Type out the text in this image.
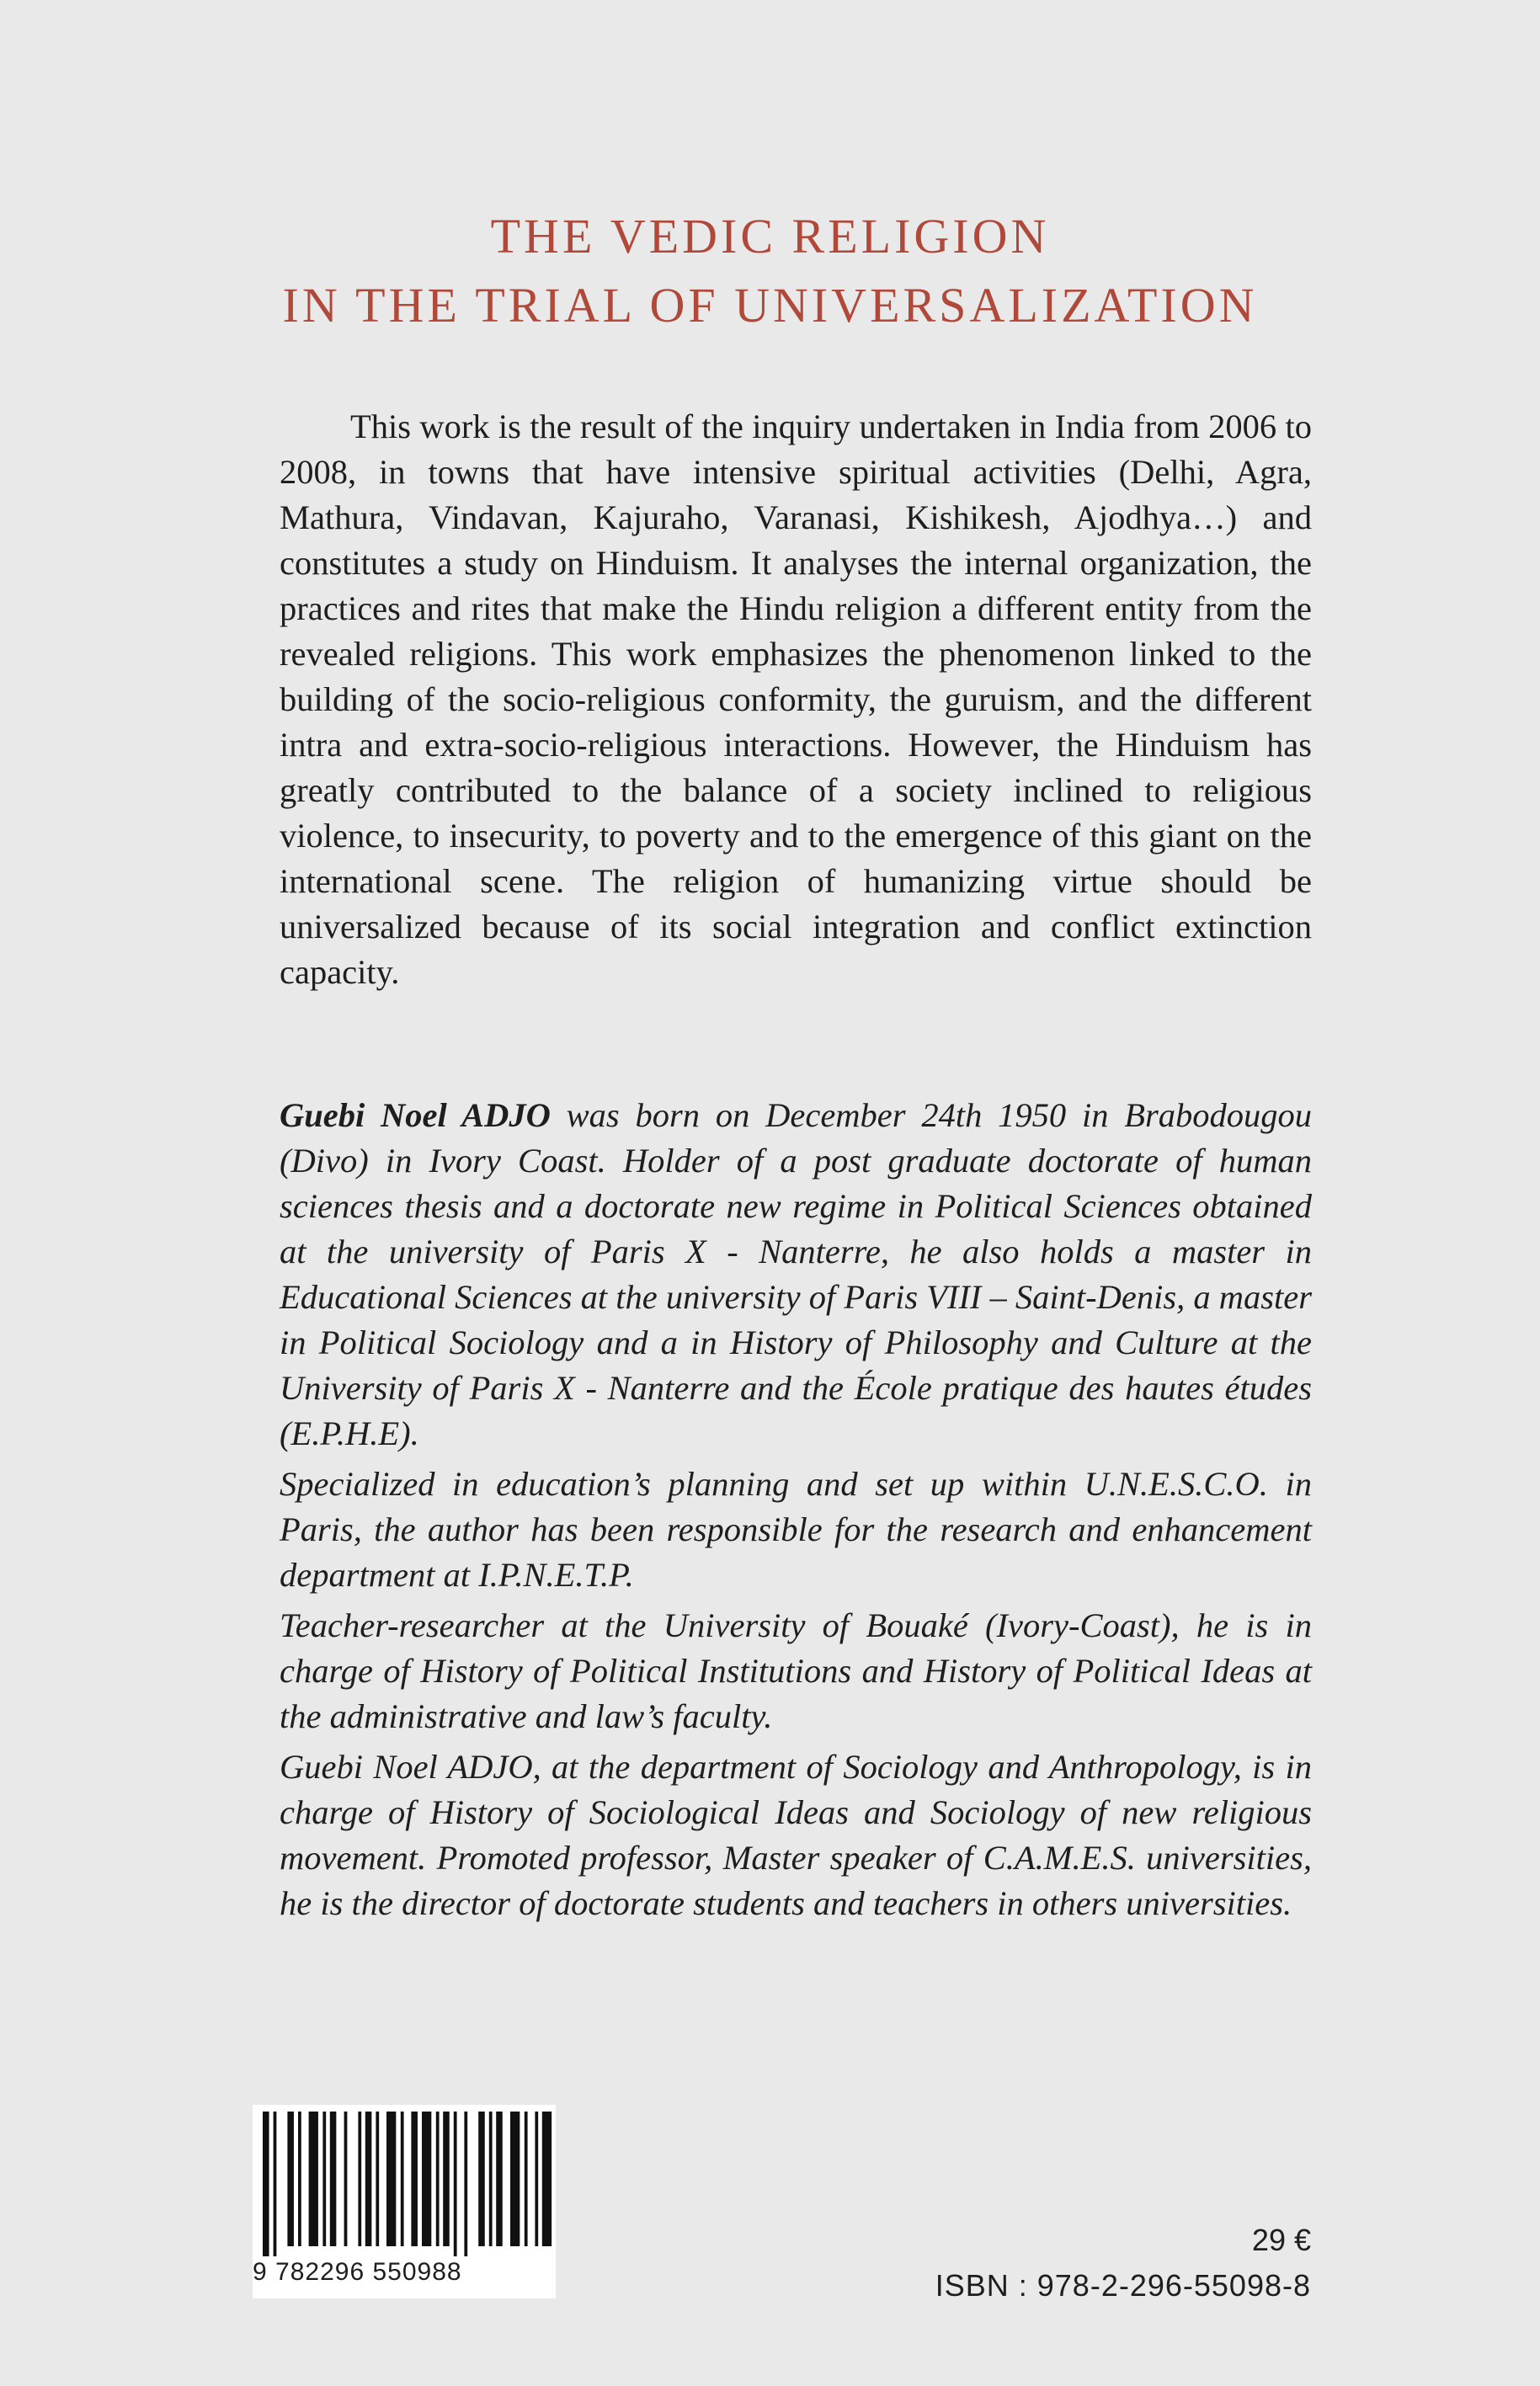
THE VEDIC RELIGION
IN THE TRIAL OF UNIVERSALIZATION

This work is the result of the inquiry undertaken in India from 2006 to 2008, in towns that have intensive spiritual activities (Delhi, Agra, Mathura, Vindavan, Kajuraho, Varanasi, Kishikesh, Ajodhya…) and constitutes a study on Hinduism. It analyses the internal organization, the practices and rites that make the Hindu religion a different entity from the revealed religions. This work emphasizes the phenomenon linked to the building of the socio-religious conformity, the guruism, and the different intra and extra-socio-religious interactions. However, the Hinduism has greatly contributed to the balance of a society inclined to religious violence, to insecurity, to poverty and to the emergence of this giant on the international scene. The religion of humanizing virtue should be universalized because of its social integration and conflict extinction capacity.

Guebi Noel ADJO was born on December 24th 1950 in Brabodougou (Divo) in Ivory Coast. Holder of a post graduate doctorate of human sciences thesis and a doctorate new regime in Political Sciences obtained at the university of Paris X - Nanterre, he also holds a master in Educational Sciences at the university of Paris VIII – Saint-Denis, a master in Political Sociology and a in History of Philosophy and Culture at the University of Paris X - Nanterre and the École pratique des hautes études (E.P.H.E).

Specialized in education’s planning and set up within U.N.E.S.C.O. in Paris, the author has been responsible for the research and enhancement department at I.P.N.E.T.P.

Teacher-researcher at the University of Bouaké (Ivory-Coast), he is in charge of History of Political Institutions and History of Political Ideas at the administrative and law’s faculty.

Guebi Noel ADJO, at the department of Sociology and Anthropology, is in charge of History of Sociological Ideas and Sociology of new religious movement. Promoted professor, Master speaker of C.A.M.E.S. universities, he is the director of doctorate students and teachers in others universities.

9 782296 550988
29 €
ISBN : 978-2-296-55098-8
